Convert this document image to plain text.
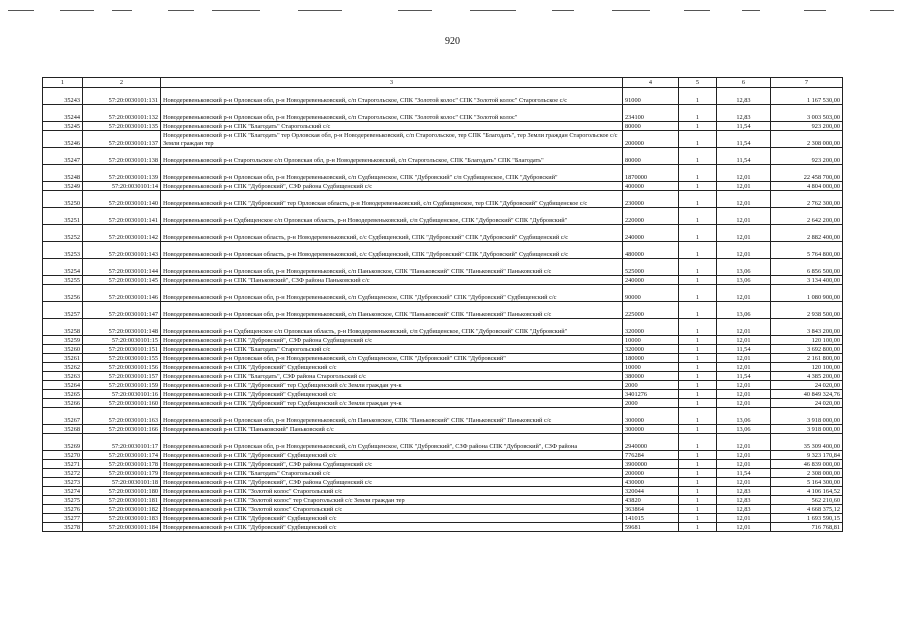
920
1	2	3	4	5	6	7
35243	57:20:0030101:131	Новодеревеньковский р-н Орловская обл, р-н Новодеревеньковский, с/п Старогольское, СПК "Золотой колос" СПК "Золотой колос" Старогольское с/с	91000	1	12,83	1 167 530,00
35244	57:20:0030101:132	Новодеревеньковский р-н Орловская обл, р-н Новодеревеньковский, с/п Старогольское, СПК "Золотой колос" СПК "Золотой колос"	234100	1	12,83	3 003 503,00
35245	57:20:0030101:135	Новодеревеньковский р-н СПК "Благодать" Старогольский с/с	80000	1	11,54	923 200,00
35246	57:20:0030101:137	Новодеревеньковский р-н СПК "Благодать" тер Орловская обл, р-н Новодеревеньковский, с/п Старогольское, тер СПК "Благодать", тер Земли граждан Старогольское с/с Земли граждан тер	200000	1	11,54	2 308 000,00
35247	57:20:0030101:138	Новодеревеньковский р-н Старогольское с/п Орловская обл, р-н Новодеревеньковский, с/п Старогольское, СПК "Благодать" СПК "Благодать"	80000	1	11,54	923 200,00
35248	57:20:0030101:139	Новодеревеньковский р-н Орловская обл, р-н Новодеревеньковский, с/п Судбищенское, СПК "Дубровский" с/п Судбищенское, СПК "Дубровский"	1870000	1	12,01	22 458 700,00
35249	57:20:0030101:14	Новодеревеньковский р-н СПК "Дубровский", СЗФ района Судбищенский с/с	400000	1	12,01	4 804 000,00
35250	57:20:0030101:140	Новодеревеньковский р-н СПК "Дубровский" тер Орловская область, р-н Новодеревеньковский, с/п Судбищенское, тер СПК "Дубровский" Судбищенское с/с	230000	1	12,01	2 762 300,00
35251	57:20:0030101:141	Новодеревеньковский р-н Судбищенское с/п Орловская область, р-н Новодеревеньковский, с/п Судбищенское, СПК "Дубровский" СПК "Дубровский"	220000	1	12,01	2 642 200,00
35252	57:20:0030101:142	Новодеревеньковский р-н Орловская область, р-н Новодеревеньковский, с/с Судбищенский, СПК "Дубровский" СПК "Дубровский" Судбищенский с/с	240000	1	12,01	2 882 400,00
35253	57:20:0030101:143	Новодеревеньковский р-н Орловская область, р-н Новодеревеньковский, с/с Судбищенский, СПК "Дубровский" СПК "Дубровский" Судбищенский с/с	480000	1	12,01	5 764 800,00
35254	57:20:0030101:144	Новодеревеньковский р-н Орловская обл, р-н Новодеревеньковский, с/п Паньковское, СПК "Паньковский" СПК "Паньковский" Паньковский с/с	525000	1	13,06	6 856 500,00
35255	57:20:0030101:145	Новодеревеньковский р-н СПК "Паньковский", СЗФ района Паньковский с/с	240000	1	13,06	3 134 400,00
35256	57:20:0030101:146	Новодеревеньковский р-н Орловская обл, р-н Новодеревеньковский, с/п Судбищенское, СПК "Дубровский" СПК "Дубровский" Судбищенский с/с	90000	1	12,01	1 080 900,00
35257	57:20:0030101:147	Новодеревеньковский р-н Орловская обл, р-н Новодеревеньковский, с/п Паньковское, СПК "Паньковский" СПК "Паньковский" Паньковский с/с	225000	1	13,06	2 938 500,00
35258	57:20:0030101:148	Новодеревеньковский р-н Судбищенское с/п Орловская область, р-н Новодеревеньковский, с/п Судбищенское, СПК "Дубровский" СПК "Дубровский"	320000	1	12,01	3 843 200,00
35259	57:20:0030101:15	Новодеревеньковский р-н СПК "Дубровский", СЗФ района Судбищенский с/с	10000	1	12,01	120 100,00
35260	57:20:0030101:151	Новодеревеньковский р-н СПК "Благодать" Старогольский с/с	320000	1	11,54	3 692 800,00
35261	57:20:0030101:155	Новодеревеньковский р-н Орловская обл, р-н Новодеревеньковский, с/п Судбищенское, СПК "Дубровский" СПК "Дубровский"	180000	1	12,01	2 161 800,00
35262	57:20:0030101:156	Новодеревеньковский р-н СПК "Дубровский" Судбищенский с/с	10000	1	12,01	120 100,00
35263	57:20:0030101:157	Новодеревеньковский р-н СПК "Благодать", СЗФ района Старогольский с/с	380000	1	11,54	4 385 200,00
35264	57:20:0030101:159	Новодеревеньковский р-н СПК "Дубровский" тер Судбищенский с/с Земли граждан уч-к	2000	1	12,01	24 020,00
35265	57:20:0030101:16	Новодеревеньковский р-н СПК "Дубровский" Судбищенский с/с	3401276	1	12,01	40 849 324,76
35266	57:20:0030101:160	Новодеревеньковский р-н СПК "Дубровский" тер Судбищенский с/с Земли граждан уч-к	2000	1	12,01	24 020,00
35267	57:20:0030101:163	Новодеревеньковский р-н Орловская обл, р-н Новодеревеньковский, с/п Паньковское, СПК "Паньковский" СПК "Паньковский" Паньковский с/с	300000	1	13,06	3 918 000,00
35268	57:20:0030101:166	Новодеревеньковский р-н СПК "Паньковский" Паньковский с/с	300000	1	13,06	3 918 000,00
35269	57:20:0030101:17	Новодеревеньковский р-н Орловская обл, р-н Новодеревеньковский, с/п Судбищенское, СПК "Дубровский", СЗФ района СПК "Дубровский", СЗФ района	2940000	1	12,01	35 309 400,00
35270	57:20:0030101:174	Новодеревеньковский р-н СПК "Дубровский" Судбищенский с/с	776284	1	12,01	9 323 170,84
35271	57:20:0030101:178	Новодеревеньковский р-н СПК "Дубровский", СЗФ района Судбищенский с/с	3900000	1	12,01	46 839 000,00
35272	57:20:0030101:179	Новодеревеньковский р-н СПК "Благодать" Старогольский с/с	200000	1	11,54	2 308 000,00
35273	57:20:0030101:18	Новодеревеньковский р-н СПК "Дубровский", СЗФ района Судбищенский с/с	430000	1	12,01	5 164 300,00
35274	57:20:0030101:180	Новодеревеньковский р-н СПК "Золотой колос" Старогольский с/с	320044	1	12,83	4 106 164,52
35275	57:20:0030101:181	Новодеревеньковский р-н СПК "Золотой колос" тер Старогольский с/с Земли граждан тер	43820	1	12,83	562 210,60
35276	57:20:0030101:182	Новодеревеньковский р-н СПК "Золотой колос" Старогольский с/с	363864	1	12,83	4 668 375,12
35277	57:20:0030101:183	Новодеревеньковский р-н СПК "Дубровский" Судбищенский с/с	141015	1	12,01	1 693 590,15
35278	57:20:0030101:184	Новодеревеньковский р-н СПК "Дубровский" Судбищенский с/с	59681	1	12,01	716 768,81
